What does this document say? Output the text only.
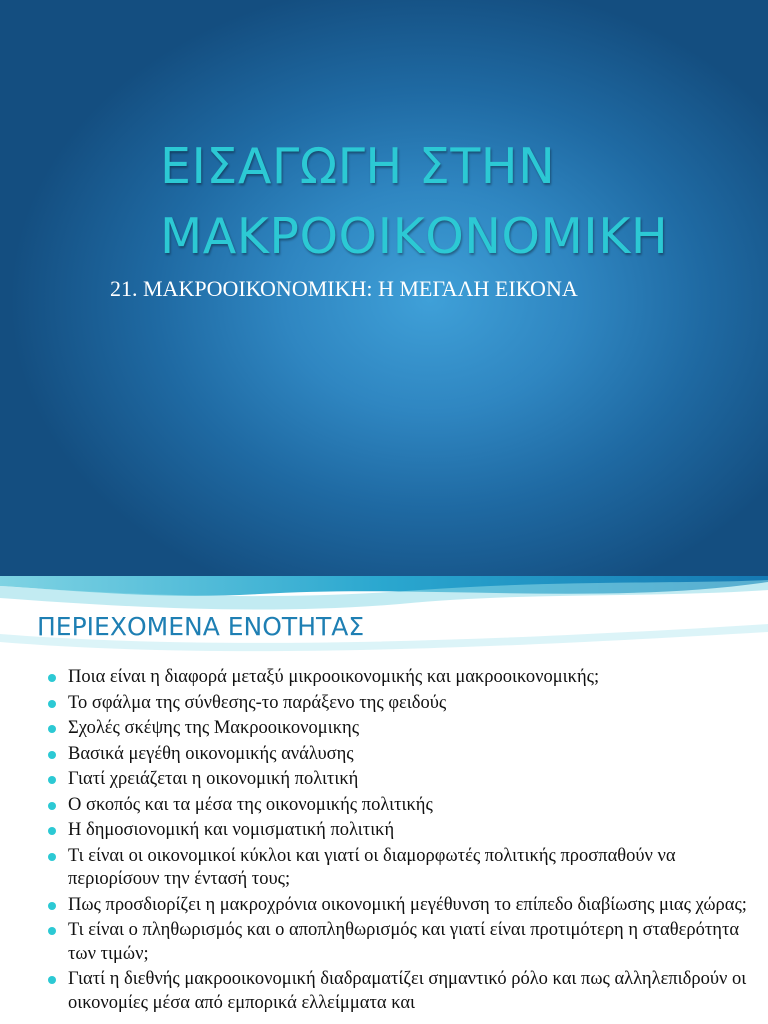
ΕΙΣΑΓΩΓΗ ΣΤΗΝ
ΜΑΚΡΟΟΙΚΟΝΟΜΙΚΗ
21. ΜΑΚΡΟΟΙΚΟΝΟΜΙΚΗ: Η ΜΕΓΑΛΗ ΕΙΚΟΝΑ
ΠΕΡΙΕΧΟΜΕΝΑ ΕΝΟΤΗΤΑΣ
Ποια είναι η διαφορά μεταξύ μικροοικονομικής και μακροοικονομικής;
Το σφάλμα της σύνθεσης-το παράξενο της φειδούς
Σχολές σκέψης της Μακροοικονομικης
Βασικά μεγέθη οικονομικής ανάλυσης
Γιατί χρειάζεται η οικονομική πολιτική
Ο σκοπός και τα μέσα της οικονομικής πολιτικής
Η δημοσιονομική και νομισματική πολιτική
Τι είναι οι οικονομικοί κύκλοι και γιατί οι διαμορφωτές πολιτικής προσπαθούν να περιορίσουν την έντασή τους;
Πως προσδιορίζει η μακροχρόνια οικονομική μεγέθυνση το επίπεδο διαβίωσης μιας χώρας;
Τι είναι ο πληθωρισμός και ο αποπληθωρισμός και γιατί είναι προτιμότερη η σταθερότητα των τιμών;
Γιατί η διεθνής μακροοικονομική διαδραματίζει σημαντικό ρόλο και πως αλληλεπιδρούν οι οικονομίες μέσα από εμπορικά ελλείμματα και
